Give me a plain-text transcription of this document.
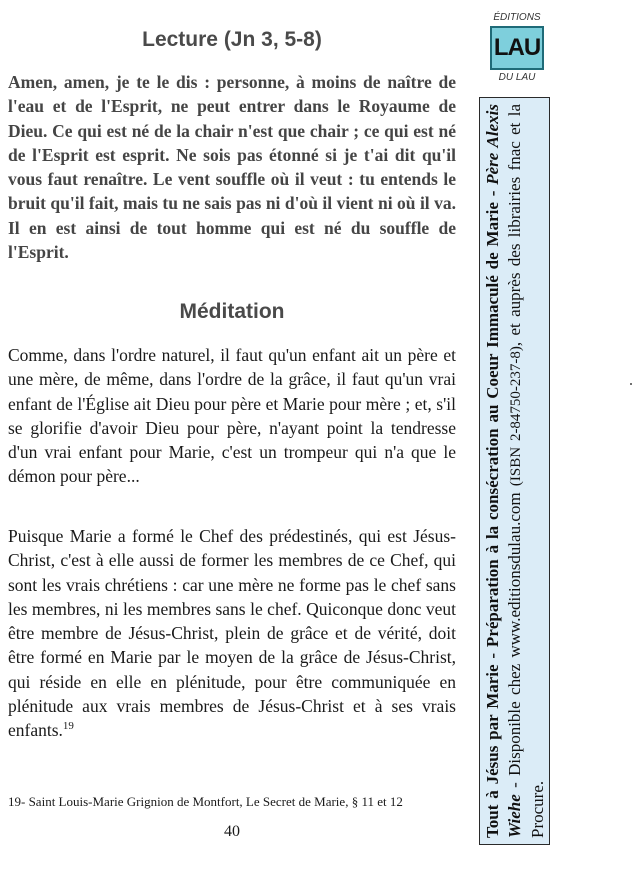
Lecture (Jn 3, 5-8)

Amen, amen, je te le dis : personne, à moins de naître de l'eau et de l'Esprit, ne peut entrer dans le Royaume de Dieu. Ce qui est né de la chair n'est que chair ; ce qui est né de l'Esprit est esprit. Ne sois pas étonné si je t'ai dit qu'il vous faut renaître. Le vent souffle où il veut : tu entends le bruit qu'il fait, mais tu ne sais pas ni d'où il vient ni où il va. Il en est ainsi de tout homme qui est né du souffle de l'Esprit.

Méditation

Comme, dans l'ordre naturel, il faut qu'un enfant ait un père et une mère, de même, dans l'ordre de la grâce, il faut qu'un vrai enfant de l'Église ait Dieu pour père et Marie pour mère ; et, s'il se glorifie d'avoir Dieu pour père, n'ayant point la tendresse d'un vrai enfant pour Marie, c'est un trompeur qui n'a que le démon pour père...

Puisque Marie a formé le Chef des prédestinés, qui est Jésus-Christ, c'est à elle aussi de former les membres de ce Chef, qui sont les vrais chrétiens : car une mère ne forme pas le chef sans les membres, ni les membres sans le chef. Quiconque donc veut être membre de Jésus-Christ, plein de grâce et de vérité, doit être formé en Marie par le moyen de la grâce de Jésus-Christ, qui réside en elle en plénitude, pour être communiquée en plénitude aux vrais membres de Jésus-Christ et à ses vrais enfants.$^{19}$

19- Saint Louis-Marie Grignion de Montfort, Le Secret de Marie, § 11 et 12

40

ÉDITIONS
LAU
DU LAU
Tout à Jésus par Marie - Préparation à la consécration au Coeur Immaculé de Marie - Père Alexis Wiehe - Disponible chez www.editionsdulau.com (ISBN 2-84750-237-8), et auprès des librairies fnac et la Procure.
